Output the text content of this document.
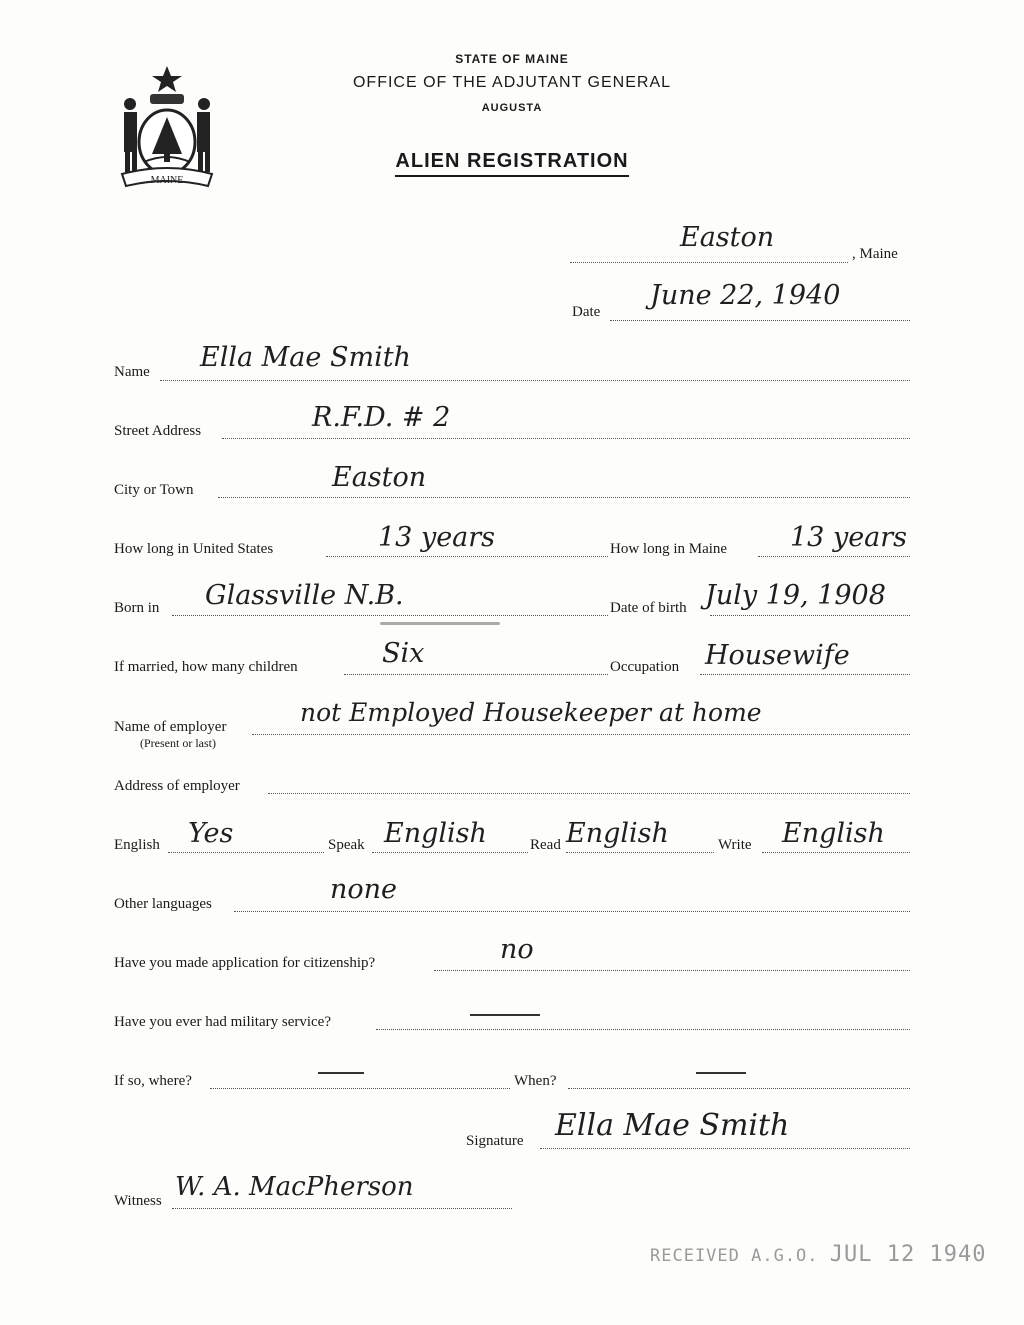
STATE OF MAINE
OFFICE OF THE ADJUTANT GENERAL
AUGUSTA
ALIEN REGISTRATION
MAINE
Easton
, Maine
Date
June 22, 1940
Name Ella Mae Smith
Street Address	R.F.D. # 2
City or Town	Easton
How long in United States	13 years	How long in Maine 13 years
Born in Glassville N.B.	Date of birth July 19, 1908
If married, how many children	Six	Occupation Housewife
Name of employer
(Present or last)
not Employed Housekeeper at home
Address of employer
English Yes	Speak English	Read English	Write English
Other languages	none
Have you made application for citizenship?	no
Have you ever had military service?
If so, where?	When?
Signature Ella Mae Smith
Witness W. A. MacPherson
RECEIVED A.G.O. JUL 12 1940
